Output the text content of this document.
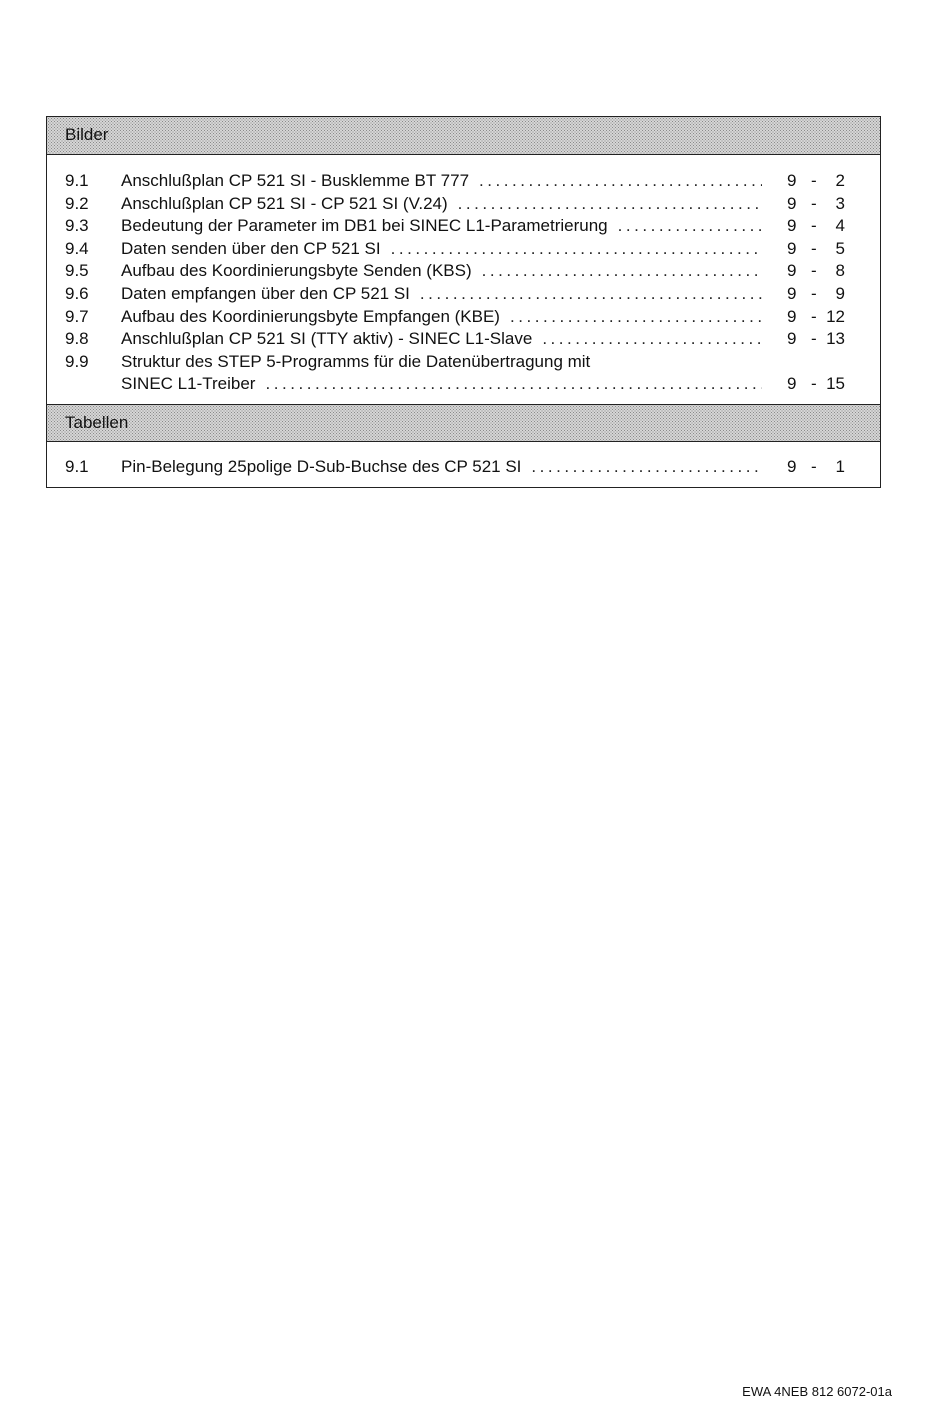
Bilder
9.1 Anschlußplan CP 521 SI - Busklemme BT 777 . . .	9 - 2
9.2 Anschlußplan CP 521 SI - CP 521 SI (V.24) . . .	9 - 3
9.3 Bedeutung der Parameter im DB1 bei SINEC L1-Parametrierung . . .	9 - 4
9.4 Daten senden über den CP 521 SI . . .	9 - 5
9.5 Aufbau des Koordinierungsbyte Senden (KBS) . . .	9 - 8
9.6 Daten empfangen über den CP 521 SI . . .	9 - 9
9.7 Aufbau des Koordinierungsbyte Empfangen (KBE) . . .	9 - 12
9.8 Anschlußplan CP 521 SI (TTY aktiv) - SINEC L1-Slave . . .	9 - 13
9.9 Struktur des STEP 5-Programms für die Datenübertragung mit
SINEC L1-Treiber . . .	9 - 15
Tabellen
9.1 Pin-Belegung 25polige D-Sub-Buchse des CP 521 SI . . .	9 - 1
EWA 4NEB 812 6072-01a
